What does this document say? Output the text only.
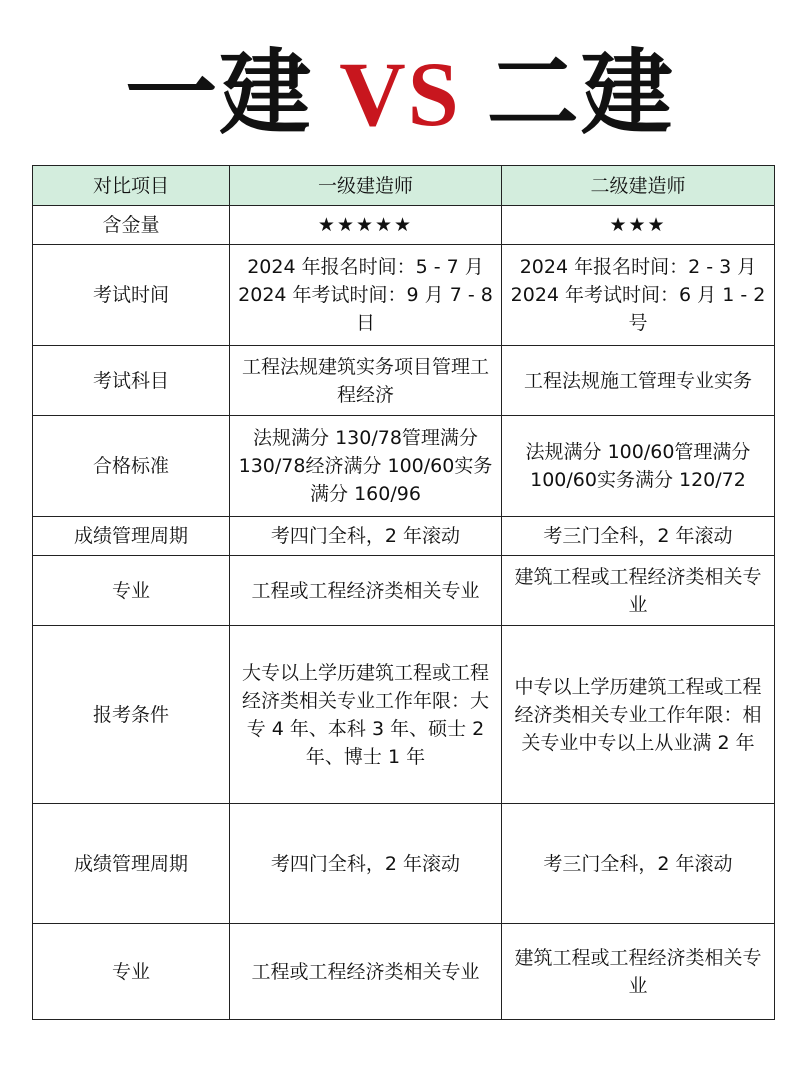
一建 VS 二建
对比项目	一级建造师	二级建造师
含金量	★★★★★	★★★
考试时间	2024 年报名时间：5 - 7 月2024 年考试时间：9 月 7 - 8 日	2024 年报名时间：2 - 3 月 2024 年考试时间：6 月 1 - 2 号
考试科目	工程法规建筑实务项目管理工程经济	工程法规施工管理专业实务
合格标准	法规满分 130/78管理满分 130/78经济满分 100/60实务满分 160/96	法规满分 100/60管理满分 100/60实务满分 120/72
成绩管理周期	考四门全科，2 年滚动	考三门全科，2 年滚动
专业	工程或工程经济类相关专业	建筑工程或工程经济类相关专业
报考条件	大专以上学历建筑工程或工程经济类相关专业工作年限：大专 4 年、本科 3 年、硕士 2 年、博士 1 年	中专以上学历建筑工程或工程经济类相关专业工作年限：相关专业中专以上从业满 2 年
成绩管理周期	考四门全科，2 年滚动	考三门全科，2 年滚动
专业	工程或工程经济类相关专业	建筑工程或工程经济类相关专业
